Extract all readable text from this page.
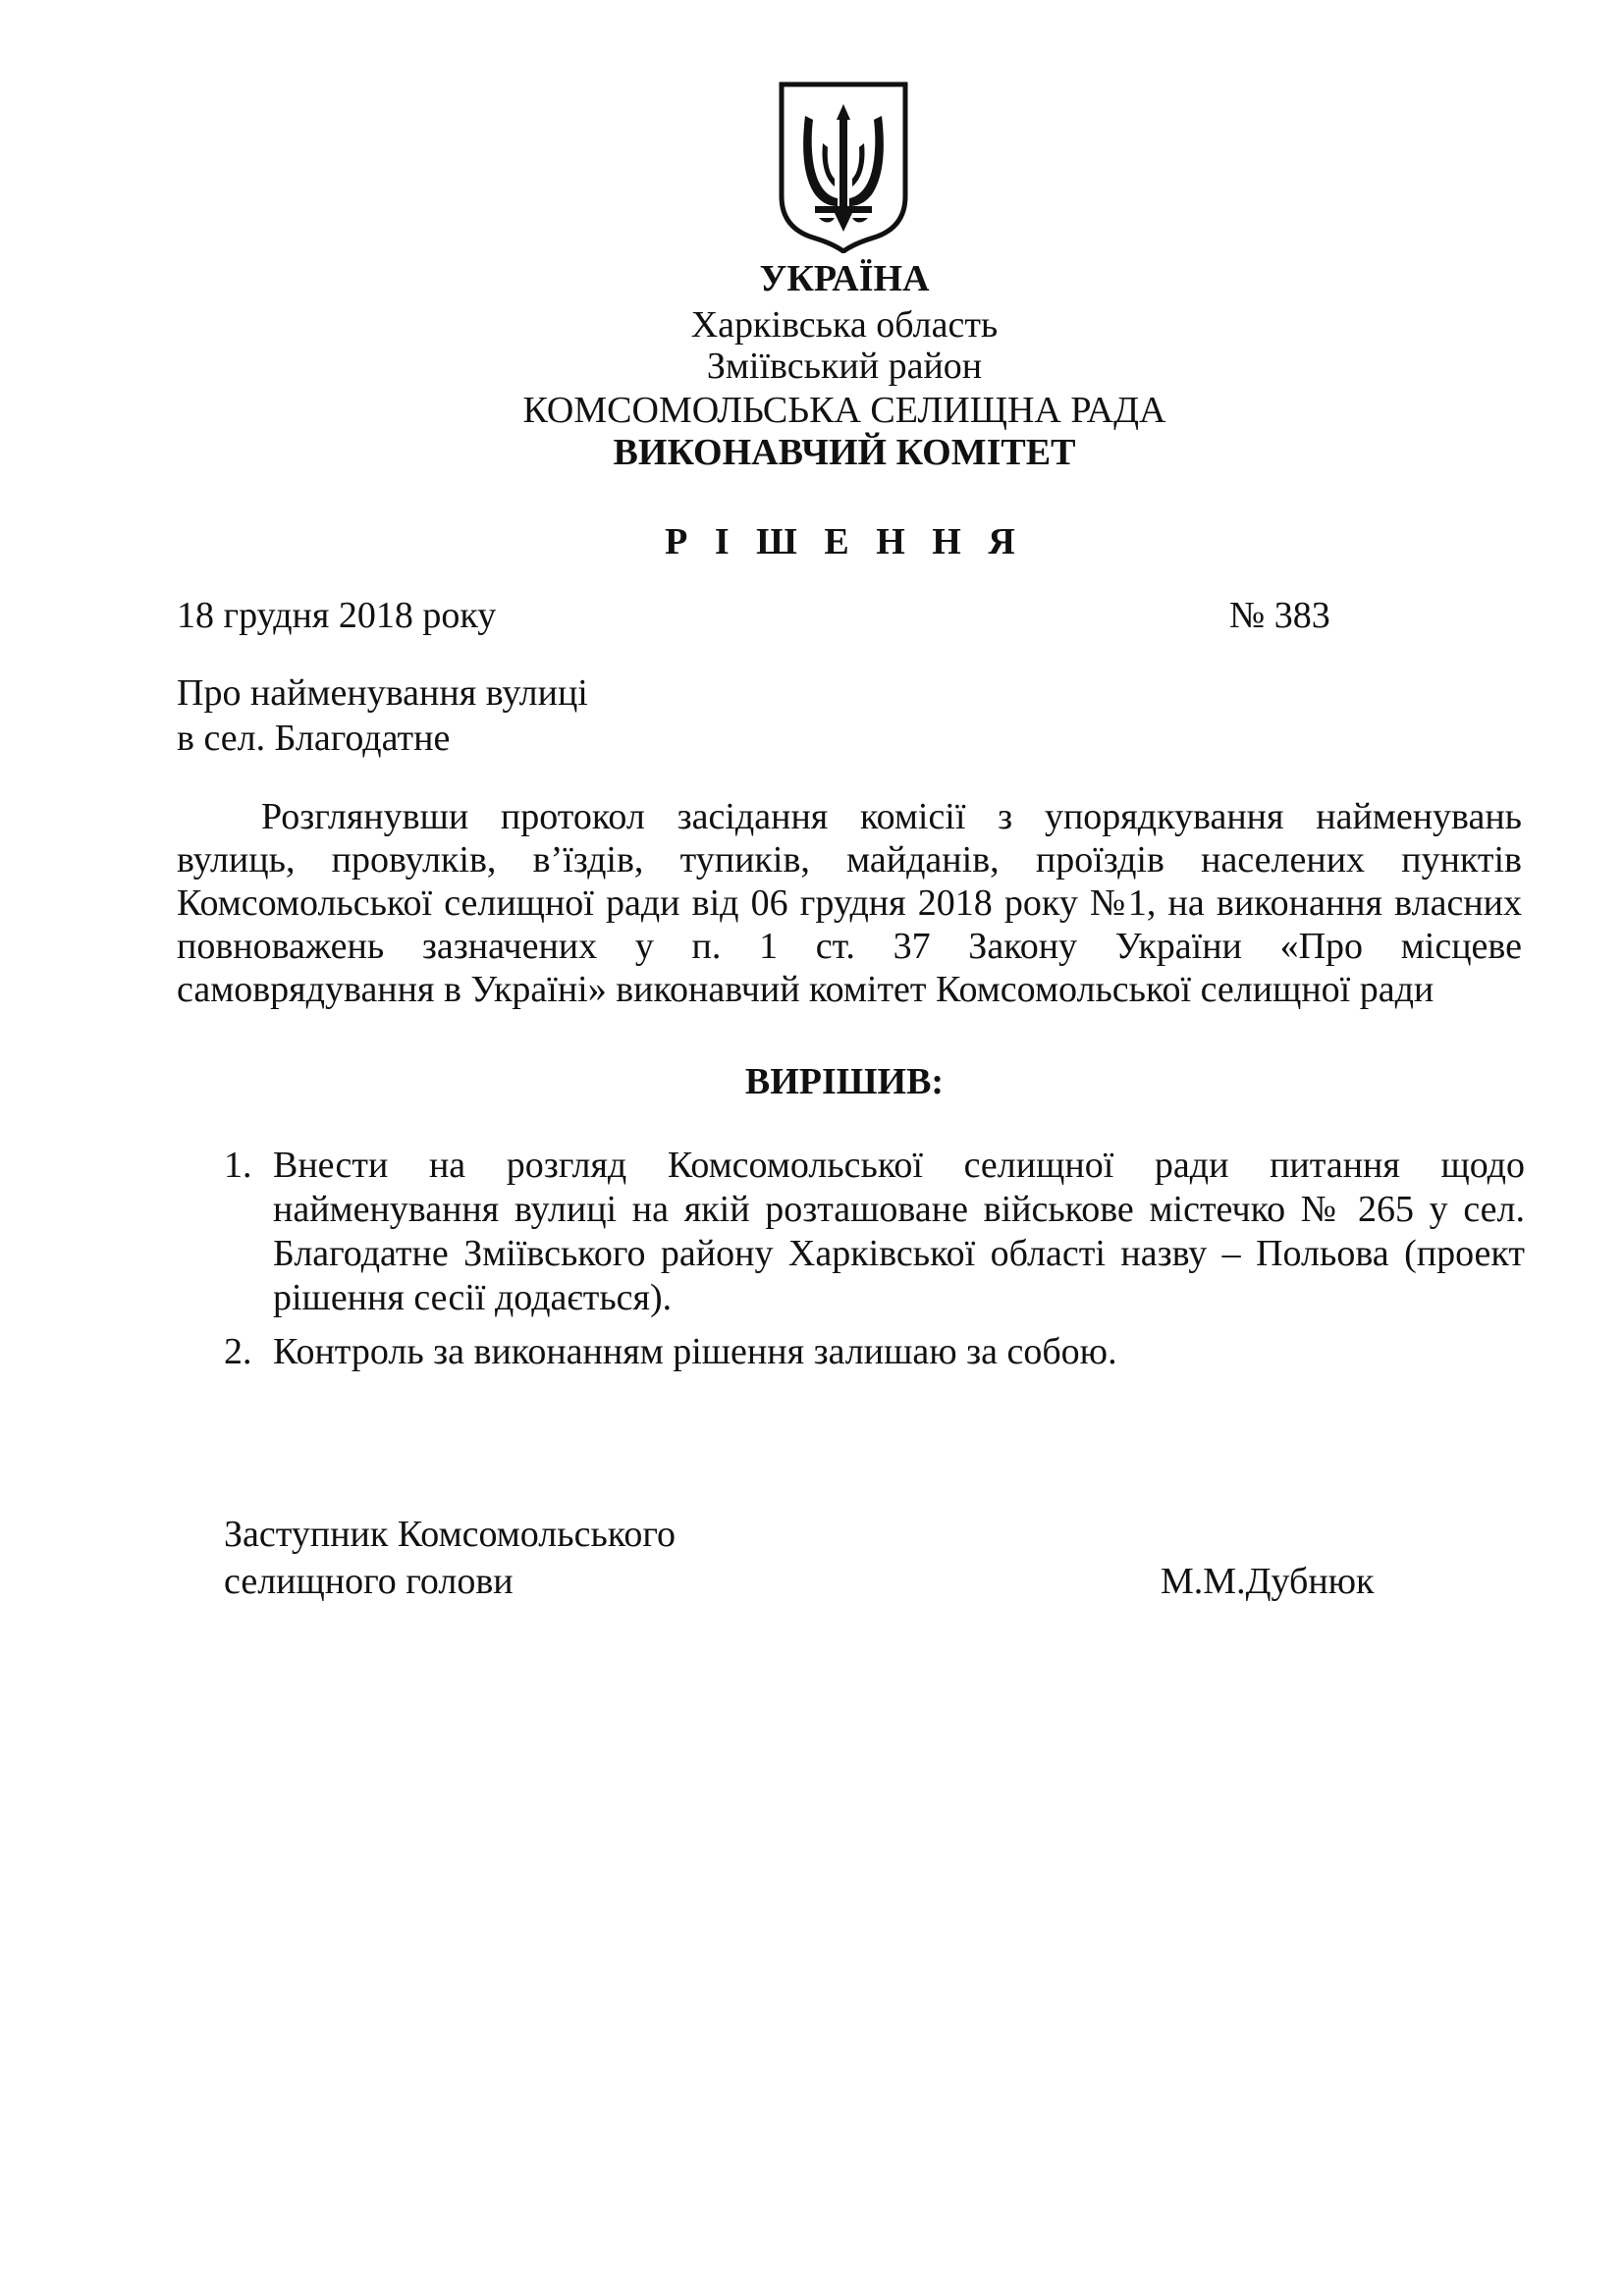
УКРАЇНА
Харківська область
Зміївський район
КОМСОМОЛЬСЬКА СЕЛИЩНА РАДА
ВИКОНАВЧИЙ КОМІТЕТ
Р І Ш Е Н Н Я
18 грудня 2018 року	№ 383
Про найменування вулиці
в сел. Благодатне
Розглянувши протокол засідання комісії з упорядкування найменувань
вулиць, провулків, в’їздів, тупиків, майданів, проїздів населених пунктів
Комсомольської селищної ради від 06 грудня 2018 року №1, на виконання власних
повноважень зазначених у п. 1 ст. 37 Закону України «Про місцеве
самоврядування в Україні» виконавчий комітет Комсомольської селищної ради
ВИРІШИВ:
1. Внести на розгляд Комсомольської селищної ради питання щодо
найменування вулиці на якій розташоване військове містечко № 265 у сел.
Благодатне Зміївського району Харківської області назву – Польова (проект
рішення сесії додається).
2. Контроль за виконанням рішення залишаю за собою.
Заступник Комсомольського
селищного голови	М.М.Дубнюк
